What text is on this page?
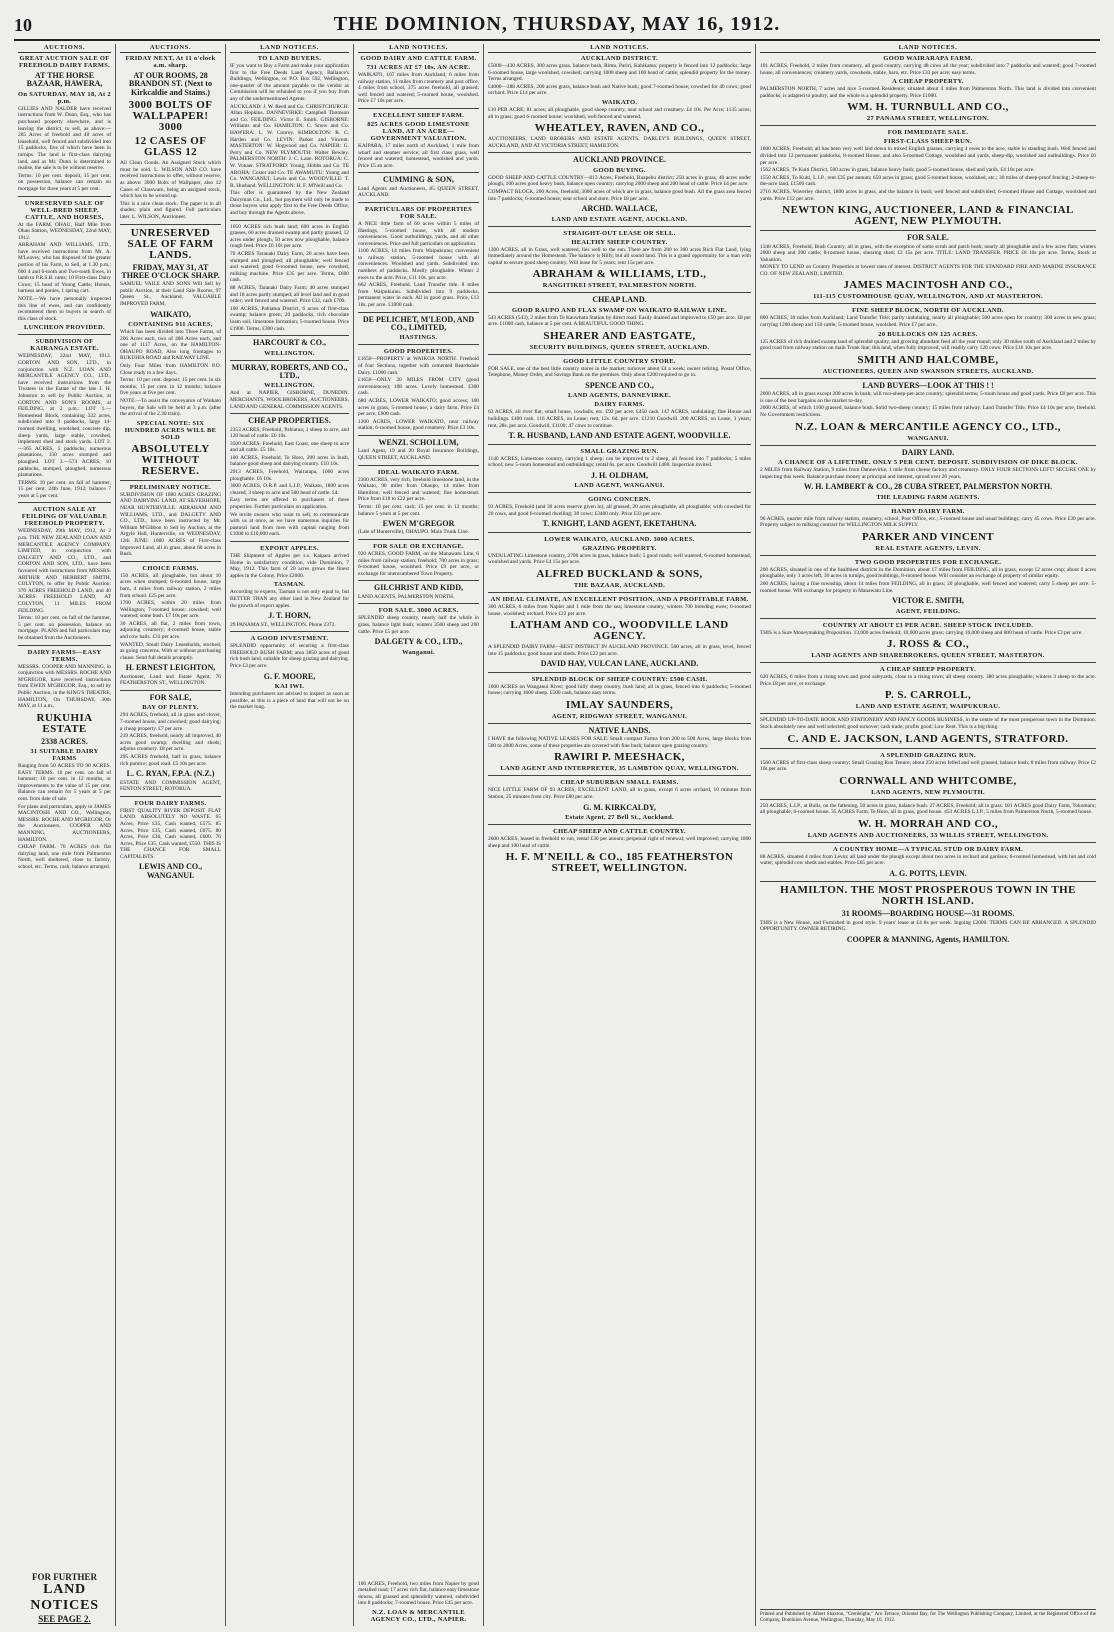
10	THE DOMINION, THURSDAY, MAY 16, 1912.
AUCTIONS.
GREAT AUCTION SALE OF FREEHOLD DAIRY FARMS.
AT THE HORSE BAZAAR, HAWERA,
On SATURDAY, MAY 18, At 2 p.m.
GILLIES AND NALDER have received instructions from W. Dunn, Esq., who has purchased property elsewhere, and is leaving the district, to sell, as above:— 205 Acres of freehold and 40 acres of leasehold, well fenced and subdivided into 15 paddocks, five of which have been in turnips. The land is first-class dairying land, and as Mr. Dunn is determined to realise, the sale is to be without reserve.
Terms: 10 per cent. deposit, 15 per cent. on possession, balance can remain on mortgage for three years at 5 per cent.
UNRESERVED SALE OF WELL-BRED SHEEP, CATTLE, AND HORSES,
At the FARM, OHAU, Half Mile from Ohau Station, WEDNESDAY, 22nd MAY, 1912.
ABRAHAM AND WILLIAMS, LTD., have received instructions from Mr. A. M'Leavey, who has disposed of the greater portion of his Farm, to Sell, at 1.30 p.m.: 600 4 and 6-tooth and Two-tooth Ewes, in lamb to P.R.S.B. rams; 10 First-class Dairy Cows; 15 head of Young Cattle; Horses, harness and ponies, 1 spring cart.
NOTE.—We have personally inspected this line of ewes, and can confidently recommend them to buyers in search of this class of stock.
LUNCHEON PROVIDED.
SUBDIVISION OF KAIRANGA ESTATE.
WEDNESDAY, 22nd MAY, 1912. GORTON AND SON, LTD., in conjunction with N.Z. LOAN AND MERCANTILE AGENCY CO., LTD., have received instructions from the Trustees in the Estate of the late J. H. Johnston to sell by Public Auction, at GORTON AND SON'S ROOMS, at FEILDING, at 2 p.m.: LOT 1.—Homestead Block, containing 332 acres, subdivided into 9 paddocks, large 14-roomed dwelling, woolshed, concrete dip, sheep yards, large stable, cowshed, implement shed and stock yards. LOT 2.—365 ACRES, 5 paddocks, numerous plantations, 150 acres stumped and ploughed. LOT 3.—574 ACRES, 10 paddocks, stumped, ploughed, numerous plantations.
TERMS: 10 per cent. on fall of hammer, 15 per cent. 24th June, 1912; balance 7 years at 5 per cent.
AUCTION SALE AT FEILDING OF VALUABLE FREEHOLD PROPERTY.
WEDNESDAY, 29th MAY, 1912, At 2 p.m. THE NEW ZEALAND LOAN AND MERCANTILE AGENCY COMPANY, LIMITED, in conjunction with DALGETY AND CO., LTD., and GORTON AND SON, LTD., have been favoured with instructions from MESSRS. ARTHUR AND HERBERT SMITH, COLYTON, to offer by Public Auction: 370 ACRES FREEHOLD LAND, and 40 ACRES FREEHOLD LAND, AT COLYTON, 11 MILES FROM FEILDING.
Terms: 10 per cent. on fall of the hammer, 5 per cent. on possession, balance on mortgage. PLANS and full particulars may be obtained from the Auctioneers.
DAIRY FARMS—EASY TERMS.
MESSRS. COOPER AND MANNING, in conjunction with MESSRS. ROCHE AND M'GREGOR, have received instructions from EWEN M'GREGOR, Esq., to sell by Public Auction, in the KING'S THEATRE, HAMILTON, On THURSDAY, 30th MAY, at 11 a.m.,
RUKUHIA ESTATE
2338 ACRES.
31 SUITABLE DAIRY FARMS
Ranging from 50 ACRES TO 90 ACRES. EASY TERMS. 10 per cent. on fall of hammer; 10 per cent. in 12 months, or improvements to the value of 15 per cent. Balance can remain for 5 years at 5 per cent. from date of sale.
For plans and particulars, apply to JAMES MACINTOSH AND CO., Wellington, MESSRS. ROCHE AND M'GREGOR, Or the Auctioneers, COOPER AND MANNING, AUCTIONEERS, HAMILTON.
CHEAP FARM. 70 ACRES rich flat dairying land, one mile from Palmerston North, well sheltered, close to factory, school, etc. Terms, cash, balance arranged.
FOR FURTHER
LAND NOTICES
SEE PAGE 2.
AUCTIONS.
FRIDAY NEXT, At 11 o'clock a.m. sharp.
AT OUR ROOMS, 28 BRANDON ST. (Next to Kirkcaldie and Stains.)
3000 BOLTS OF WALLPAPER! 3000
12 CASES OF GLASS 12
All Clean Goods. An Assigned Stock which must be sold. L. WILSON AND CO. have received instructions to offer, without reserve, as above: 3000 Bolts of Wallpaper, also 12 Cases of Glassware, being an assigned stock, which has to be wound up.
This is a nice clean stock. The paper is in all shades; plain and figured. Full particulars later. L. WILSON, Auctioneer.
UNRESERVED SALE OF FARM LANDS.
FRIDAY, MAY 31, AT THREE O'CLOCK SHARP.
SAMUEL VAILE AND SONS Will Sell by public Auction, at their Land Sale Rooms, 97 Queen St., Auckland, VALUABLE IMPROVED FARM,
WAIKATO,
CONTAINING 911 ACRES,
Which has been divided into Three Farms, of 206 Acres each, two of 400 Acres each, and one of 1117 Acres, on the HAMILTON-OHAUPO ROAD, Also long frontages to RUKUHIA ROAD and RAILWAY LINE.
Only Four Miles from HAMILTON P.O. Close ready to a few days.
Terms: 10 per cent. deposit; 15 per cent. in six months; 15 per cent. in 12 months; balance five years at five per cent.
NOTE.—To assist the conveyance of Waikato buyers, the Sale will be held at 3 p.m. (after the arrival of the 2.30 train).
SPECIAL NOTE: SIX HUNDRED ACRES WILL BE SOLD
ABSOLUTELY WITHOUT RESERVE.
PRELIMINARY NOTICE.
SUBDIVISION OF 1080 ACRES GRAZING AND DAIRYING LAND, AT SILVERHOPE, NEAR HUNTERVILLE. ABRAHAM AND WILLIAMS, LTD., and DALGETY AND CO., LTD., have been instructed by Mr. William M'Gibbon to Sell by Auction, at the Argyle Hall, Hunterville, on WEDNESDAY, 12th JUNE: 1080 ACRES of First-class Improved Land, all in grass, about 60 acres in Bush.
CHOICE FARMS.
150 ACRES, all ploughable, but about 10 acres when stumped; 6-roomed house, large barn, 4 miles from railway station, 2 miles from school. £25 per acre.
1700 ACRES, within 20 miles from Wellington; 7-roomed house; cowshed; well watered; some bush. £7 10s per acre.
30 ACRES, all flat, 2 miles from town, adjoining creamery; 4-roomed house, stable and cow bails. £33 per acre.
WANTED, Small Dairy Leaseholds, stocked, as going concerns. With or without purchasing clause. Send full details promptly.
H. ERNEST LEIGHTON,
Auctioneer, Land and Estate Agent, 76 FEATHERSTON ST., WELLINGTON.
FOR SALE,
BAY OF PLENTY.
294 ACRES, freehold, all in grass and clover, 7-roomed house, and cowshed; good dairying; a cheap property. £7 per acre.
219 ACRES, freehold, nearly all improved, 40 acres good swamp; dwelling and sheds; adjoins creamery. £8 per acre.
295 ACRES freehold, half in grass, balance rich pumice; good road. £5 10s per acre.
L. C. RYAN, F.P.A. (N.Z.)
ESTATE AND COMMISSION AGENT, FENTON STREET, ROTORUA.
FOUR DAIRY FARMS.
FIRST QUALITY RIVER DEPOSIT FLAT LAND. ABSOLUTELY NO WASTE. 65 Acres, Price £35, Cash wanted, £575. 85 Acres, Price £35, Cash wanted, £675. 80 Acres, Price £36, Cash wanted, £600. 76 Acres, Price £35, Cash wanted, £550. THIS IS THE CHANCE FOR SMALL CAPITALISTS.
LEWIS AND CO., WANGANUI.
LAND NOTICES.
TO LAND BUYERS.
IF you want to Buy a Farm and make your application first to the Free Deeds Land Agency, Ballance's Buildings, Wellington, or P.O. Box 592, Wellington, one-quarter of the amount payable to the vendor as Commission will be refunded to you if you buy from any of the undermentioned Agents:
AUCKLAND: J. W. Reed and Co. CHRISTCHURCH: Allan Hopkins. DANNEVIRKE: Campbell Thomson and Co. FEILDING: Victor E. Smith. GISBORNE: Williams and Co. HAMILTON: C. Snow and Co. HAWERA: L. W. Conroy. KIMBOLTON: R. C. Harden and Co. LEVIN: Parker and Vincent. MASTERTON: W. Hogwood and Co. NAPIER: G. Perry and Co. NEW PLYMOUTH: Walter Bewley. PALMERSTON NORTH: J. C. Lane. ROTORUA: C. W. Vonaer. STRATFORD: Young, Hobbs and Co. TE AROHA: Coster and Co. TE AWAMUTU: Young and Co. WANGANUI: Lewis and Co. WOODVILLE: T. R. Husband. WELLINGTON: H. F. M'Neill and Co.
This offer is guaranteed by the New Zealand Dairyman Co., Ltd., but payment will only be made to those buyers who apply first to the Free Deeds Office, and buy through the Agents above.
1050 ACRES rich bush land; 600 acres in English grasses, 60 acres drained swamp and partly grassed, 12 acres under plough, 50 acres now ploughable, balance rough feed. Price £6 10s per acre.
70 ACRES Taranaki Dairy Farm, 20 acres have been stumped and ploughed; all ploughable; well fenced and watered; good 6-roomed house, new cowshed, milking machine. Price £35 per acre. Terms, £600 cash.
88 ACRES, Taranaki Dairy Farm; 40 acres stumped and 18 acres partly stumped; all level land and in good order; well fenced and watered. Price £32, cash £700.
100 ACRES, Pahiatua District, 6 acres of first-class swamp; balance green; 20 paddocks, rich chocolate loam soil, limestone formation; 5-roomed house. Price £1900. Terms, £300 cash.
HARCOURT & CO.,
WELLINGTON.
MURRAY, ROBERTS, AND CO., LTD.,
WELLINGTON.
And at NAPIER, GISBORNE, DUNEDIN. MERCHANTS, WOOLBROKERS, AUCTIONEERS, LAND AND GENERAL COMMISSION AGENTS.
CHEAP PROPERTIES.
2353 ACRES, Freehold, Pahiatua; 1 sheep to acre, and 120 head of cattle. £6 10s.
3500 ACRES, Freehold, East Coast, one sheep to acre and all cattle. £5 10s.
100 ACRES, Freehold, Te Horo, 200 acres in bush, balance good sheep and dairying country. £10 10s.
2913 ACRES, Freehold, Wairarapa, 1000 acres ploughable. £6 10s.
3000 ACRES, O.R.P. and L.I.P., Waikato, 1800 acres cleared, 3 sheep to acre and 500 head of cattle. £4.
Easy terms are offered to purchasers of these properties. Further particulars on application.
We invite owners who want to sell, to communicate with us at once, as we have numerous inquiries for pastoral land from men with capital ranging from £1000 to £10,000 each.
EXPORT APPLES.
THE Shipment of Apples per s.s. Kaipara arrived Home in satisfactory condition, vide Dominion, 7 May, 1912. This farm of 20 acres grows the finest apples in the Colony. Price £2000.
TASMAN.
According to experts, Tasman is not only equal to, but BETTER THAN any other land in New Zealand for the growth of export apples.
J. T. HORN,
29 PANAMA ST., WELLINGTON. Phone 2372.
A GOOD INVESTMENT.
SPLENDID opportunity of securing a first-class FREEHOLD BUSH FARM; area 3850 acres of good rich bush land, suitable for sheep grazing and dairying. Price £3 per acre.
G. F. MOORE,
KAI IWI.
Intending purchasers are advised to inspect as soon as possible, as this is a piece of land that will not be on the market long.
LAND NOTICES.
GOOD DAIRY AND CATTLE FARM.
731 ACRES AT £7 10s. AN ACRE.
WAIKATO, 107 miles from Auckland, 6 miles from railway station, 11 miles from creamery and post office, 4 miles from school, 375 acres freehold, all grassed; well fenced and watered; 5-roomed house, woolshed. Price £7 10s per acre.
EXCELLENT SHEEP FARM.
825 ACRES GOOD LIMESTONE LAND, AT AN ACRE—GOVERNMENT VALUATION.
KAIPARA, 17 miles north of Auckland, 1 mile from wharf and steamer service; all first class grass, well fenced and watered; homestead, woolshed and yards. Price £5 an acre.
CUMMING & SON,
Land Agents and Auctioneers, 85 QUEEN STREET, AUCKLAND.
PARTICULARS OF PROPERTIES FOR SALE.
A NICE little farm of 60 acres within 5 miles of Hastings, 5-roomed house, with all modern conveniences. Good outbuildings, yards, and all other conveniences. Price and full particulars on application.
1100 ACRES, 14 miles from Waipukurau; convenient to railway station, 5-roomed house with all conveniences. Woolshed and yards. Subdivided into numbers of paddocks. Mostly ploughable. Winter 2 ewes to the acre. Price, £11 10s. per acre.
662 ACRES, Freehold. Land Transfer title. 8 miles from Waipukurau. Subdivided into 9 paddocks, permanent water in each. All in good grass. Price, £13 10s. per acre. £1000 cash.
DE PELICHET, M'LEOD, AND CO., LIMITED,
HASTINGS.
GOOD PROPERTIES.
£1650—PROPERTY at WAIKOA NORTH. Freehold of four Sections, together with cemented Beardsdale Dairy. £1000 cash.
£1650—ONLY 20 MILES FROM CITY (good conveniences); 108 acres. Lovely homestead. £300 cash.
680 ACRES, LOWER WAIKATO; good access; 100 acres in grass, 5-roomed house, a dairy farm. Price £4 per acre, £600 cash.
1200 ACRES, LOWER WAIKATO, near railway station; 6-roomed house, good creamery. Price £3 10s.
WENZL SCHOLLUM,
Land Agent, 19 and 20 Royal Insurance Buildings, QUEEN STREET, AUCKLAND.
IDEAL WAIKATO FARM.
2300 ACRES, very rich, freehold limestone land, in the Waikato, 90 miles from Ohaupo, 14 miles from Hamilton; well fenced and watered; fine homestead. Price from £18 to £22 per acre.
Terms: 10 per cent. cash; 15 per cent. in 12 months; balance 5 years at 5 per cent.
EWEN M'GREGOR
(Late of Hunterville), OHAUPO. Main Trunk Line.
FOR SALE OR EXCHANGE.
920 ACRES, GOOD FARM, on the Manawatu Line, 6 miles from railway station; freehold; 700 acres in grass; 6-roomed house, woolshed. Price £9 per acre, or exchange for unencumbered Town Property.
GILCHRIST AND KIDD,
LAND AGENTS, PALMERSTON NORTH.
FOR SALE. 3000 ACRES.
SPLENDID sheep country, nearly half the whole in grass, balance light bush; winters 3500 sheep and 200 cattle. Price £5 per acre.
DALGETY & CO., LTD.,
Wanganui.
100 ACRES, Freehold, two miles from Napier by good metalled road; 17 acres rich flat, balance easy limestone downs, all grassed and splendidly watered, subdivided into 8 paddocks; 7-roomed house. Price £45 per acre.
N.Z. LOAN & MERCANTILE AGENCY CO., LTD., NAPIER.
LAND NOTICES.
AUCKLAND DISTRICT.
£5000—430 ACRES, 300 acres grass, balance bush, Rimu, Pariri, Kahikatea; property is fenced into 12 paddocks; large 6-roomed house, large woolshed, cowshed; carrying 1000 sheep and 100 head of cattle; splendid property for the money. Terms arranged.
£4000—288 ACRES, 200 acres grass, balance bush and Native bush; good 7-roomed house; cowshed for 40 cows; good orchard. Price £14 per acre.
WAIKATO.
£10 PER ACRE; 81 acres; all ploughable, good sheep country, near school and creamery. £4 10s. Per Acre; 1135 acres; all in grass; good 6-roomed house; woolshed, well fenced and watered.
WHEATLEY, RAVEN, AND CO.,
AUCTIONEERS, LAND BROKERS AND ESTATE AGENTS, DARLEY'S BUILDINGS, QUEEN STREET, AUCKLAND, AND AT VICTORIA STREET, HAMILTON.
AUCKLAND PROVINCE.
GOOD BUYING.
GOOD SHEEP AND CATTLE COUNTRY—813 Acres, Freehold, Ruapehu district; 250 acres in grass, 40 acres under plough, 100 acres good heavy bush, balance open country; carrying 2000 sheep and 200 head of cattle. Price £4 per acre.
COMPACT BLOCK, 200 Acres, freehold, 3000 acres of which are in grass, balance good bush. All the grass area fenced into 7 paddocks; 6-roomed house; near school and store. Price £8 per acre.
ARCHD. WALLACE,
LAND AND ESTATE AGENT, AUCKLAND.
STRAIGHT-OUT LEASE OR SELL.
HEALTHY SHEEP COUNTRY.
1300 ACRES, all in Grass, well watered, lies well to the sun. There are from 200 to 300 acres Rich Flat Land, lying immediately around the Homestead. The balance is Hilly, but all sound land. This is a grand opportunity for a man with capital to secure good sheep country. Will lease for 5 years; rent 15s per acre.
ABRAHAM & WILLIAMS, LTD.,
RANGITIKEI STREET, PALMERSTON NORTH.
CHEAP LAND.
GOOD RAUPO AND FLAX SWAMP ON WAIKATO RAILWAY LINE.
543 ACRES (543), 2 miles from Te Kauwhata Station by direct road. Easily drained and improved to £50 per acre. £8 per acre. £1000 cash, balance at 5 per cent. A BEAUTIFUL GOOD THING.
SHEARER AND EASTGATE,
SECURITY BUILDINGS, QUEEN STREET, AUCKLAND.
GOOD LITTLE COUNTRY STORE.
FOR SALE, one of the best little country stores in the market; turnover about £4 a week; owner retiring. Postal Office, Telephone, Money Order, and Savings Bank on the premises. Only about £200 required to go in.
SPENCE AND CO.,
LAND AGENTS, DANNEVIRKE.
DAIRY FARMS.
63 ACRES, all river flat, small house, cowbails, etc. £92 per acre; £450 cash. 147 ACRES, undulating; fine House and buildings. £400 cash. 116 ACRES, on Lease; rent, 12s. 6d. per acre. £1210 Goodwill. 200 ACRES, on Lease, 3 years; rent, 28s. per acre. Goodwill, £1100; 47 cows to continue.
T. R. HUSBAND, LAND AND ESTATE AGENT, WOODVILLE.
SMALL GRAZING RUN.
1140 ACRES, Limestone country, carrying 1 sheep; can be improved to 2 sheep, all fenced into 7 paddocks; 5 miles school; new 5-room homestead and outbuildings; rental 6s. per acre. Goodwill £400. Inspection invited.
J. H. OLDHAM,
LAND AGENT, WANGANUI.
GOING CONCERN.
93 ACRES, Freehold (and 30 acres reserve given in), all grassed, 20 acres ploughable, all ploughable; with cowshed for 20 cows, and good 6-roomed dwelling; 30 cows; £3400 only. Price £33 per acre.
T. KNIGHT, LAND AGENT, EKETAHUNA.
LOWER WAIKATO, AUCKLAND. 3000 ACRES.
GRAZING PROPERTY.
UNDULATING Limestone country, 2700 acres in grass, balance bush; 5 good roads; well watered; 6-roomed homestead, woolshed and yards. Price £4 15s per acre.
ALFRED BUCKLAND & SONS,
THE BAZAAR, AUCKLAND.
AN IDEAL CLIMATE, AN EXCELLENT POSITION, AND A PROFITABLE FARM.
300 ACRES, 6 miles from Napier and 1 mile from the sea; limestone country, winters 700 breeding ewes; 6-roomed house, woolshed; orchard. Price £22 per acre.
LATHAM AND CO., WOODVILLE LAND AGENCY.
A SPLENDID DAIRY FARM—BEST DISTRICT IN AUCKLAND PROVINCE. 500 acres, all in grass, level, fenced into 15 paddocks; good house and sheds. Price £22 per acre.
DAVID HAY, VULCAN LANE, AUCKLAND.
SPLENDID BLOCK OF SHEEP COUNTRY: £500 CASH.
1600 ACRES on Wanganui River; good hilly sheep country, bush land; all in grass, fenced into 6 paddocks; 5-roomed house; carrying 1600 sheep. £500 cash, balance easy terms.
IMLAY SAUNDERS,
AGENT, RIDGWAY STREET, WANGANUI.
NATIVE LANDS.
I HAVE the following NATIVE LEASES FOR SALE: Small compact Farms from 200 to 500 Acres, large blocks from 500 to 2000 Acres, some of these properties are covered with fine bush; balance open grazing country.
RAWIRI P. MEESHACK,
LAND AGENT AND INTERPRETER, 35 LAMBTON QUAY, WELLINGTON.
CHEAP SUBURBAN SMALL FARMS.
NICE LITTLE FARM OF 93 ACRES, EXCELLENT LAND, all in grass, except 6 acres orchard, 10 minutes from Station, 25 minutes from city. Price £80 per acre.
G. M. KIRKCALDY,
Estate Agent, 27 Bell St., Auckland.
CHEAP SHEEP AND CATTLE COUNTRY.
2600 ACRES, leased in freehold to run, rental £30 per annum; perpetual right of renewal; well improved; carrying 1800 sheep and 100 head of cattle.
H. F. M'NEILL & CO., 185 FEATHERSTON STREET, WELLINGTON.
LAND NOTICES.
GOOD WAIRARAPA FARM.
101 ACRES, Freehold, 2 miles from creamery, all good country, carrying 48 cows all the year; subdivided into 7 paddocks and watered; good 7-roomed house, all conveniences; creamery yards, cowsheds, stable, barn, etc. Price £33 per acre; easy terms.
A CHEAP PROPERTY.
PALMERSTON NORTH, 7 acres and nice 5-roomed Residence; situated about 4 miles from Palmerston North. This land is divided into convenient paddocks, is adapted to poultry, and the whole is a splendid property. Price £1000.
WM. H. TURNBULL AND CO.,
27 PANAMA STREET, WELLINGTON.
FOR IMMEDIATE SALE.
FIRST-CLASS SHEEP RUN.
1600 ACRES, Freehold; all has been very well laid down in mixed English grasses, carrying 4 ewes to the acre, stable in standing bush. Well fenced and divided into 12 permanent paddocks, 8-roomed House, and also 5-roomed Cottage, woolshed and yards, sheep-dip, woolshed and outbuildings. Price £6 per acre.
1562 ACRES, Te Kuiti District, 500 acres in grass, balance heavy bush; good 5-roomed house, shed and yards. £4 10s per acre.
1550 ACRES, To Kuiti, L.I.P., rent £35 per annum; 650 acres in grass; good 5-roomed house, woolshed, etc.; 30 miles of sheep-proof fencing; 2-sheep-to-the-acre land. £1500 cash.
2716 ACRES, Waverley district, 1800 acres in grass, and the balance in bush; well fenced and subdivided; 6-roomed House and Cottage, woolshed and yards. Price £12 per acre.
NEWTON KING, AUCTIONEER, LAND & FINANCIAL AGENT, NEW PLYMOUTH.
FOR SALE.
1348 ACRES, Freehold, Bush Country, all in grass, with the exception of some scrub and patch bush; nearly all ploughable and a few acres flats; winters 2000 sheep and 200 cattle; 8-roomed house, shearing shed; £2 15s per acre. TITLE: LAND TRANSFER. PRICE £8 10s per acre. Terms, Stock at Valuation.
MONEY TO LEND on Country Properties at lowest rates of interest. DISTRICT AGENTS FOR THE STANDARD FIRE AND MARINE INSURANCE CO. OF NEW ZEALAND, LIMITED.
JAMES MACINTOSH AND CO.,
111-115 CUSTOMHOUSE QUAY, WELLINGTON, AND AT MASTERTON.
FINE SHEEP BLOCK, NORTH OF AUCKLAND.
800 ACRES, 30 miles from Auckland; Land Transfer Title; partly undulating, nearly all ploughable; 500 acres open for country; 300 acres in new grass; carrying 1200 sheep and 150 cattle; 5-roomed house, woolshed. Price £7 per acre.
20 BULLOCKS ON 125 ACRES.
125 ACRES of rich drained swamp land of splendid quality, and growing abundant feed all the year round; only 30 miles south of Auckland and 2 miles by good road from railway station on main Trunk line; this land, when fully improved, will readily carry 120 cows. Price £16 10s per acre.
SMITH AND HALCOMBE,
AUCTIONEERS, QUEEN AND SWANSON STREETS, AUCKLAND.
LAND BUYERS—LOOK AT THIS ! !
2000 ACRES, all in grass except 200 acres in bush; will two-sheep-per-acre country; splendid terms; 5-room house and good yards. Price £8 per acre. This is one of the best bargains on the market to-day.
2000 ACRES, of which 1100 grassed, balance bush. Solid two-sheep country; 15 miles from railway. Land Transfer Title. Price £4 10s per acre, freehold. No Government restrictions.
N.Z. LOAN & MERCANTILE AGENCY CO., LTD.,
WANGANUI.
DAIRY LAND.
A CHANCE OF A LIFETIME. ONLY 5 PER CENT. DEPOSIT. SUBDIVISION OF DIKE BLOCK.
2 MILES from Railway Station, 9 miles from Dannevirke, 1 mile from cheese factory and creamery. ONLY FOUR SECTIONS LEFT! SECURE ONE by inspecting this week. Balance purchase money at principal and interest, spread over 20 years.
W. H. LAMBERT & CO., 28 CUBA STREET, PALMERSTON NORTH.
THE LEADING FARM AGENTS.
HANDY DAIRY FARM.
96 ACRES, quarter mile from railway station, creamery, school, Post Office, etc.; 5-roomed house and usual buildings; carry 45 cows. Price £30 per acre. Property subject to milking contract for WELLINGTON MILK SUPPLY.
PARKER AND VINCENT
REAL ESTATE AGENTS, LEVIN.
TWO GOOD PROPERTIES FOR EXCHANGE.
200 ACRES, situated in one of the healthiest districts in the Dominion, about 17 miles from FEILDING, all in grass, except 12 acres crop; about 6 acres ploughable, only 3 acres left, 30 acres in turnips, good buildings, 8-roomed house. Will consider an exchange of property of similar equity.
200 ACRES, having a fine township, about 14 miles from FEILDING, all in grass; 20 ploughable, well fenced and watered; carry 5 sheep per acre. 5-roomed house. Will exchange for property in Manawatu Line.
VICTOR E. SMITH,
AGENT, FEILDING.
COUNTRY AT ABOUT £3 PER ACRE. SHEEP STOCK INCLUDED.
THIS is a Sure Moneymaking Proposition. 13,000 acres freehold; 10,000 acres grass; carrying 16,000 sheep and 800 head of cattle. Price £3 per acre.
J. ROSS & CO.,
LAND AGENTS AND SHAREBROKERS, QUEEN STREET, MASTERTON.
A CHEAP SHEEP PROPERTY.
620 ACRES, 6 miles from a rising town and good saleyards, close to a rising town; all sheep country. 380 acres ploughable; winters 3 sheep to the acre. Price £8 per acre, or exchange.
P. S. CARROLL,
LAND AND ESTATE AGENT, WAIPUKURAU.
SPLENDID UP-TO-DATE BOOK AND STATIONERY AND FANCY GOODS BUSINESS, in the centre of the most prosperous town in the Dominion. Stock absolutely new and well selected; good turnover; cash trade; profits good; Low Rent. This is a big thing.
C. AND E. JACKSON, LAND AGENTS, STRATFORD.
A SPLENDID GRAZING RUN.
1560 ACRES of first-class sheep country; Small Grazing Run Tenure; about 250 acres felled and well grassed, balance bush; 8 miles from railway. Price £2 10s per acre.
CORNWALL AND WHITCOMBE,
LAND AGENTS, NEW PLYMOUTH.
250 ACRES, L.I.P., at Bulls, on the fattening, 50 acres in grass, balance bush. 27 ACRES, Freehold; all in grass. 181 ACRES good Dairy Farm, Tokomaru; all ploughable; 6-roomed house. 35 ACRES Farm, Te Horo, all in grass, good house. 453 ACRES L.I.P., 5 miles from Palmerston North, 5-roomed house.
W. H. MORRAH AND CO.,
LAND AGENTS AND AUCTIONEERS, 33 WILLIS STREET, WELLINGTON.
A COUNTRY HOME—A TYPICAL STUD OR DAIRY FARM.
88 ACRES, situated 4 miles from Levin; all land under the plough except about two acres in orchard and gardens; 6-roomed homestead, with hot and cold water; splendid cow sheds and stables. Price £65 per acre.
A. G. POTTS, LEVIN.
HAMILTON. THE MOST PROSPEROUS TOWN IN THE NORTH ISLAND.
31 ROOMS—BOARDING HOUSE—31 ROOMS.
THIS is a New House, and Furnished in good style. 9 years' lease at £4 8s per week. Ingoing £2000. TERMS CAN BE ARRANGED. A SPLENDID OPPORTUNITY. OWNER RETIRING.
COOPER & MANNING, Agents, HAMILTON.
Printed and Published by Albert Shaxton, "Crenleighe," Aro Terrace, Oriental Bay, for The Wellington Publishing Company, Limited, at the Registered Office of the Company, Dominion Avenue, Wellington, Thursday, May 16, 1912.
